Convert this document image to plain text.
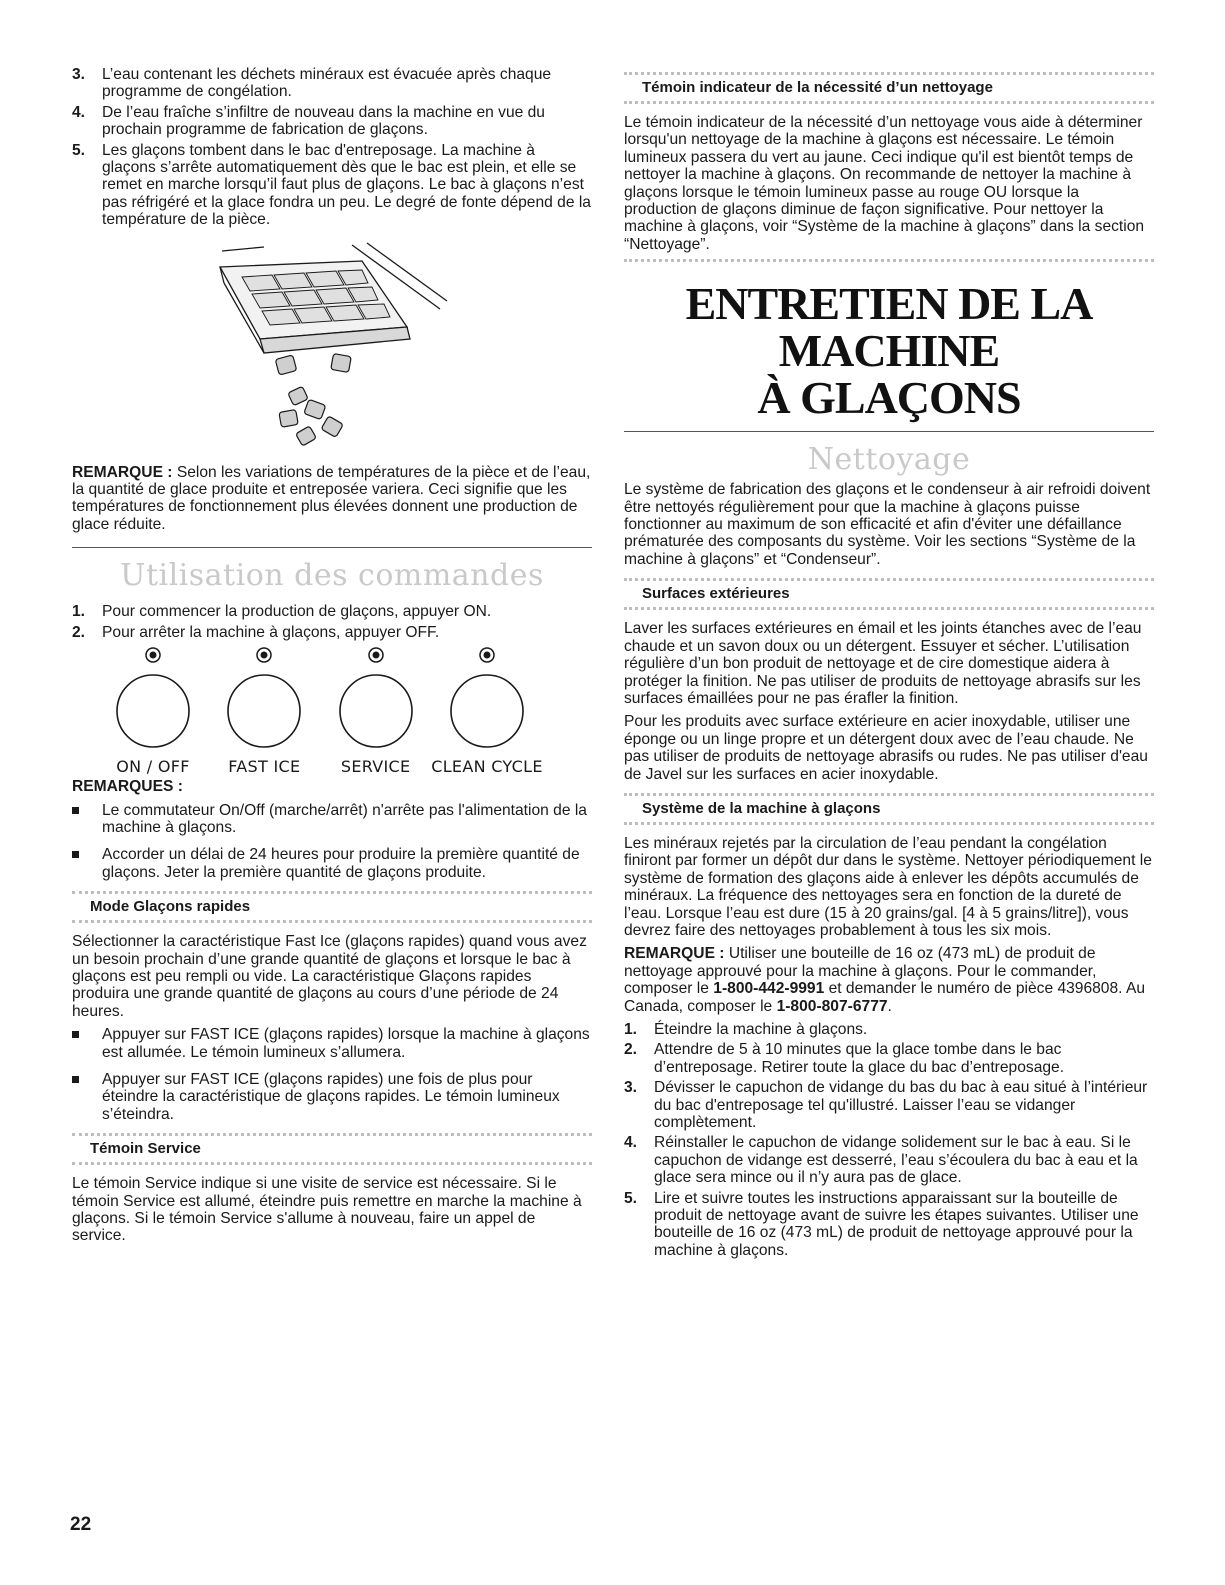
3. L’eau contenant les déchets minéraux est évacuée après chaque programme de congélation.
4. De l’eau fraîche s’infiltre de nouveau dans la machine en vue du prochain programme de fabrication de glaçons.
5. Les glaçons tombent dans le bac d'entreposage. La machine à glaçons s’arrête automatiquement dès que le bac est plein, et elle se remet en marche lorsqu’il faut plus de glaçons. Le bac à glaçons n’est pas réfrigéré et la glace fondra un peu. Le degré de fonte dépend de la température de la pièce.

REMARQUE : Selon les variations de températures de la pièce et de l’eau, la quantité de glace produite et entreposée variera. Ceci signifie que les températures de fonctionnement plus élevées donnent une production de glace réduite.

Utilisation des commandes
1. Pour commencer la production de glaçons, appuyer ON.
2. Pour arrêter la machine à glaçons, appuyer OFF.
ON / OFF FAST ICE	SERVICE CLEAN CYCLE

REMARQUES :

Le commutateur On/Off (marche/arrêt) n'arrête pas l'alimentation de la machine à glaçons.
Accorder un délai de 24 heures pour produire la première quantité de glaçons. Jeter la première quantité de glaçons produite.
Mode Glaçons rapides

Sélectionner la caractéristique Fast Ice (glaçons rapides) quand vous avez un besoin prochain d’une grande quantité de glaçons et lorsque le bac à glaçons est peu rempli ou vide. La caractéristique Glaçons rapides produira une grande quantité de glaçons au cours d’une période de 24 heures.

Appuyer sur FAST ICE (glaçons rapides) lorsque la machine à glaçons est allumée. Le témoin lumineux s’allumera.
Appuyer sur FAST ICE (glaçons rapides) une fois de plus pour éteindre la caractéristique de glaçons rapides. Le témoin lumineux s’éteindra.
Témoin Service

Le témoin Service indique si une visite de service est nécessaire. Si le témoin Service est allumé, éteindre puis remettre en marche la machine à glaçons. Si le témoin Service s'allume à nouveau, faire un appel de service.

Témoin indicateur de la nécessité d’un nettoyage

Le témoin indicateur de la nécessité d’un nettoyage vous aide à déterminer lorsqu'un nettoyage de la machine à glaçons est nécessaire. Le témoin lumineux passera du vert au jaune. Ceci indique qu'il est bientôt temps de nettoyer la machine à glaçons. On recommande de nettoyer la machine à glaçons lorsque le témoin lumineux passe au rouge OU lorsque la production de glaçons diminue de façon significative. Pour nettoyer la machine à glaçons, voir “Système de la machine à glaçons” dans la section “Nettoyage”.

ENTRETIEN DE LA MACHINE
À GLAÇONS
Nettoyage

Le système de fabrication des glaçons et le condenseur à air refroidi doivent être nettoyés régulièrement pour que la machine à glaçons puisse fonctionner au maximum de son efficacité et afin d'éviter une défaillance prématurée des composants du système. Voir les sections “Système de la machine à glaçons” et “Condenseur”.

Surfaces extérieures

Laver les surfaces extérieures en émail et les joints étanches avec de l’eau chaude et un savon doux ou un détergent. Essuyer et sécher. L’utilisation régulière d’un bon produit de nettoyage et de cire domestique aidera à protéger la finition. Ne pas utiliser de produits de nettoyage abrasifs sur les surfaces émaillées pour ne pas érafler la finition.

Pour les produits avec surface extérieure en acier inoxydable, utiliser une éponge ou un linge propre et un détergent doux avec de l’eau chaude. Ne pas utiliser de produits de nettoyage abrasifs ou rudes. Ne pas utiliser d'eau de Javel sur les surfaces en acier inoxydable.

Système de la machine à glaçons

Les minéraux rejetés par la circulation de l’eau pendant la congélation finiront par former un dépôt dur dans le système. Nettoyer périodiquement le système de formation des glaçons aide à enlever les dépôts accumulés de minéraux. La fréquence des nettoyages sera en fonction de la dureté de l’eau. Lorsque l’eau est dure (15 à 20 grains/gal. [4 à 5 grains/litre]), vous devrez faire des nettoyages probablement à tous les six mois.

REMARQUE : Utiliser une bouteille de 16 oz (473 mL) de produit de nettoyage approuvé pour la machine à glaçons. Pour le commander, composer le 1-800-442-9991 et demander le numéro de pièce 4396808. Au Canada, composer le 1-800-807-6777.

1. Éteindre la machine à glaçons.
2. Attendre de 5 à 10 minutes que la glace tombe dans le bac d’entreposage. Retirer toute la glace du bac d’entreposage.
3. Dévisser le capuchon de vidange du bas du bac à eau situé à l’intérieur du bac d'entreposage tel qu'illustré. Laisser l’eau se vidanger complètement.
4. Réinstaller le capuchon de vidange solidement sur le bac à eau. Si le capuchon de vidange est desserré, l’eau s’écoulera du bac à eau et la glace sera mince ou il n’y aura pas de glace.
5. Lire et suivre toutes les instructions apparaissant sur la bouteille de produit de nettoyage avant de suivre les étapes suivantes. Utiliser une bouteille de 16 oz (473 mL) de produit de nettoyage approuvé pour la machine à glaçons.
22
